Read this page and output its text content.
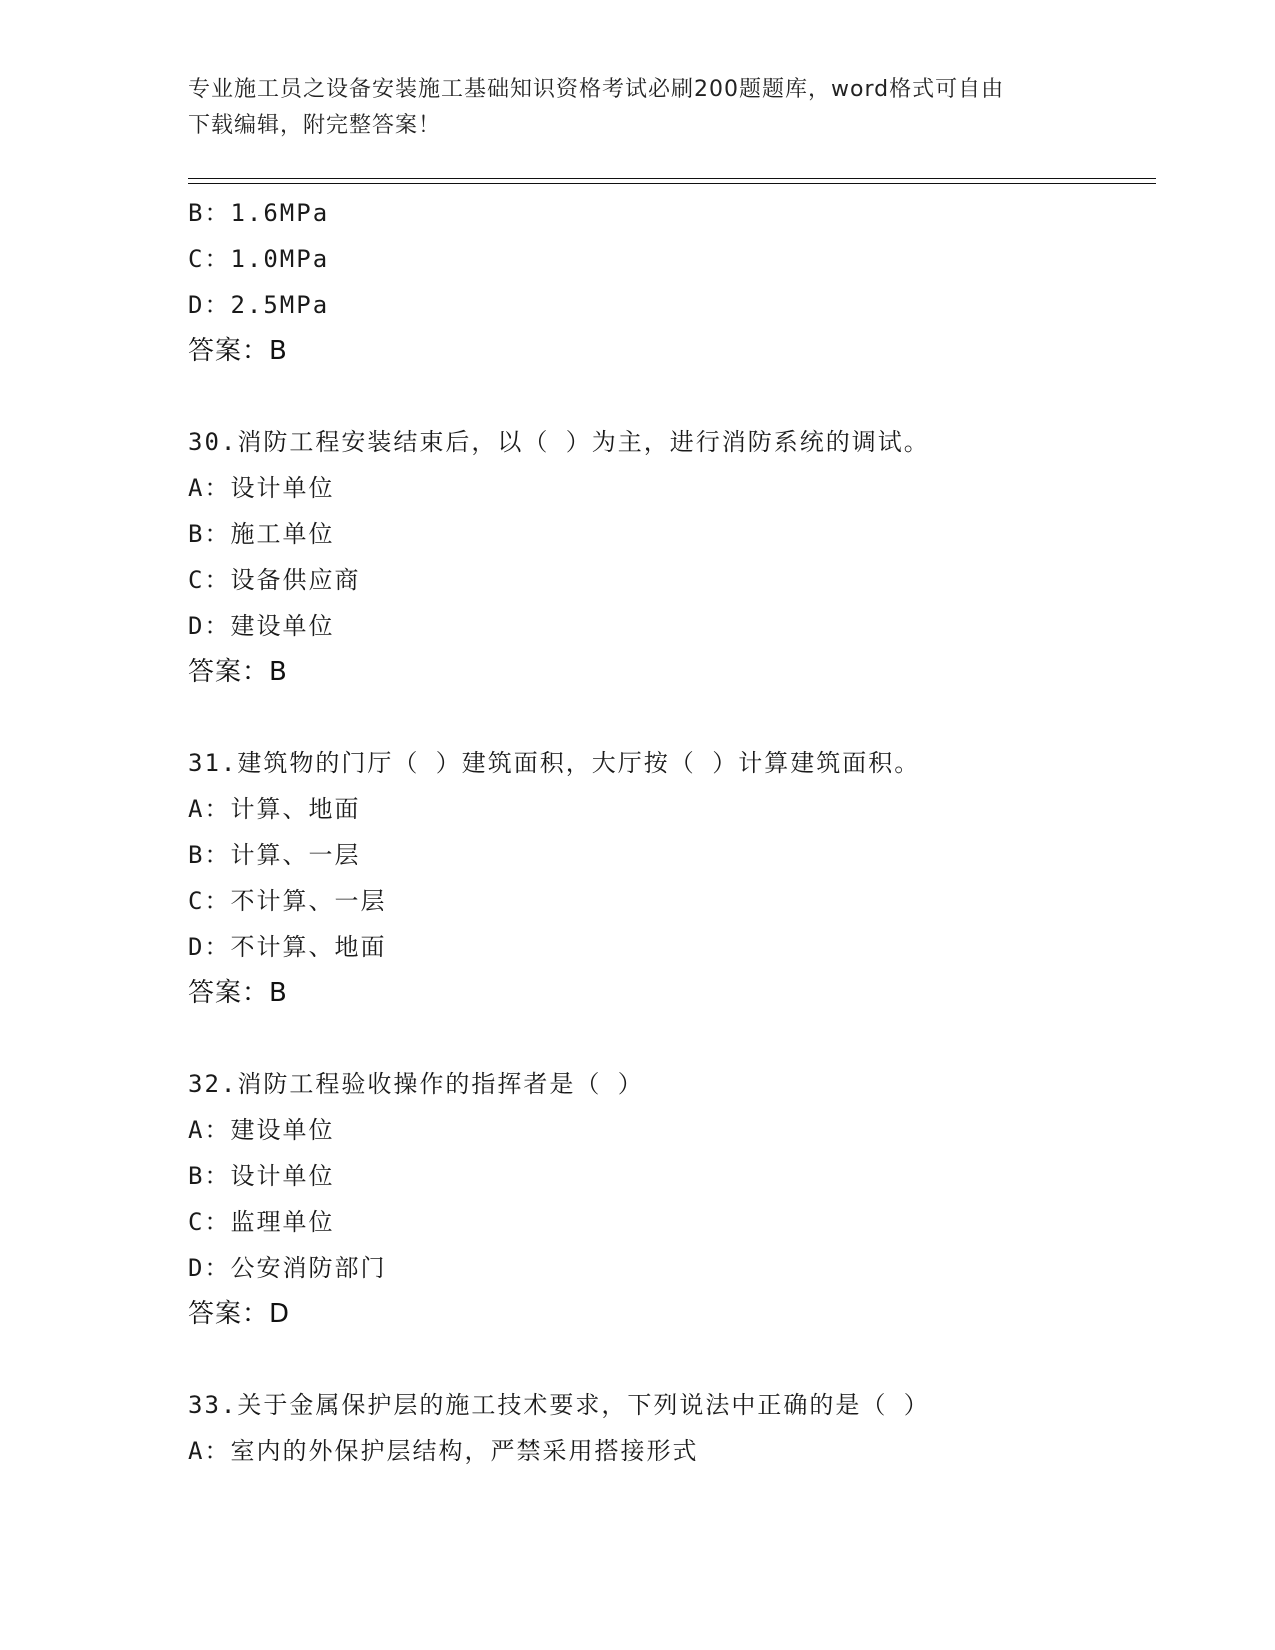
专业施工员之设备安装施工基础知识资格考试必刷200题题库，word格式可自由
下载编辑，附完整答案！
B：1.6MPa
C：1.0MPa
D：2.5MPa
答案：B
30.消防工程安装结束后，以（ ）为主，进行消防系统的调试。
A：设计单位
B：施工单位
C：设备供应商
D：建设单位
答案：B
31.建筑物的门厅（ ）建筑面积，大厅按（ ）计算建筑面积。
A：计算、地面
B：计算、一层
C：不计算、一层
D：不计算、地面
答案：B
32.消防工程验收操作的指挥者是（ ）
A：建设单位
B：设计单位
C：监理单位
D：公安消防部门
答案：D
33.关于金属保护层的施工技术要求，下列说法中正确的是（ ）
A：室内的外保护层结构，严禁采用搭接形式
